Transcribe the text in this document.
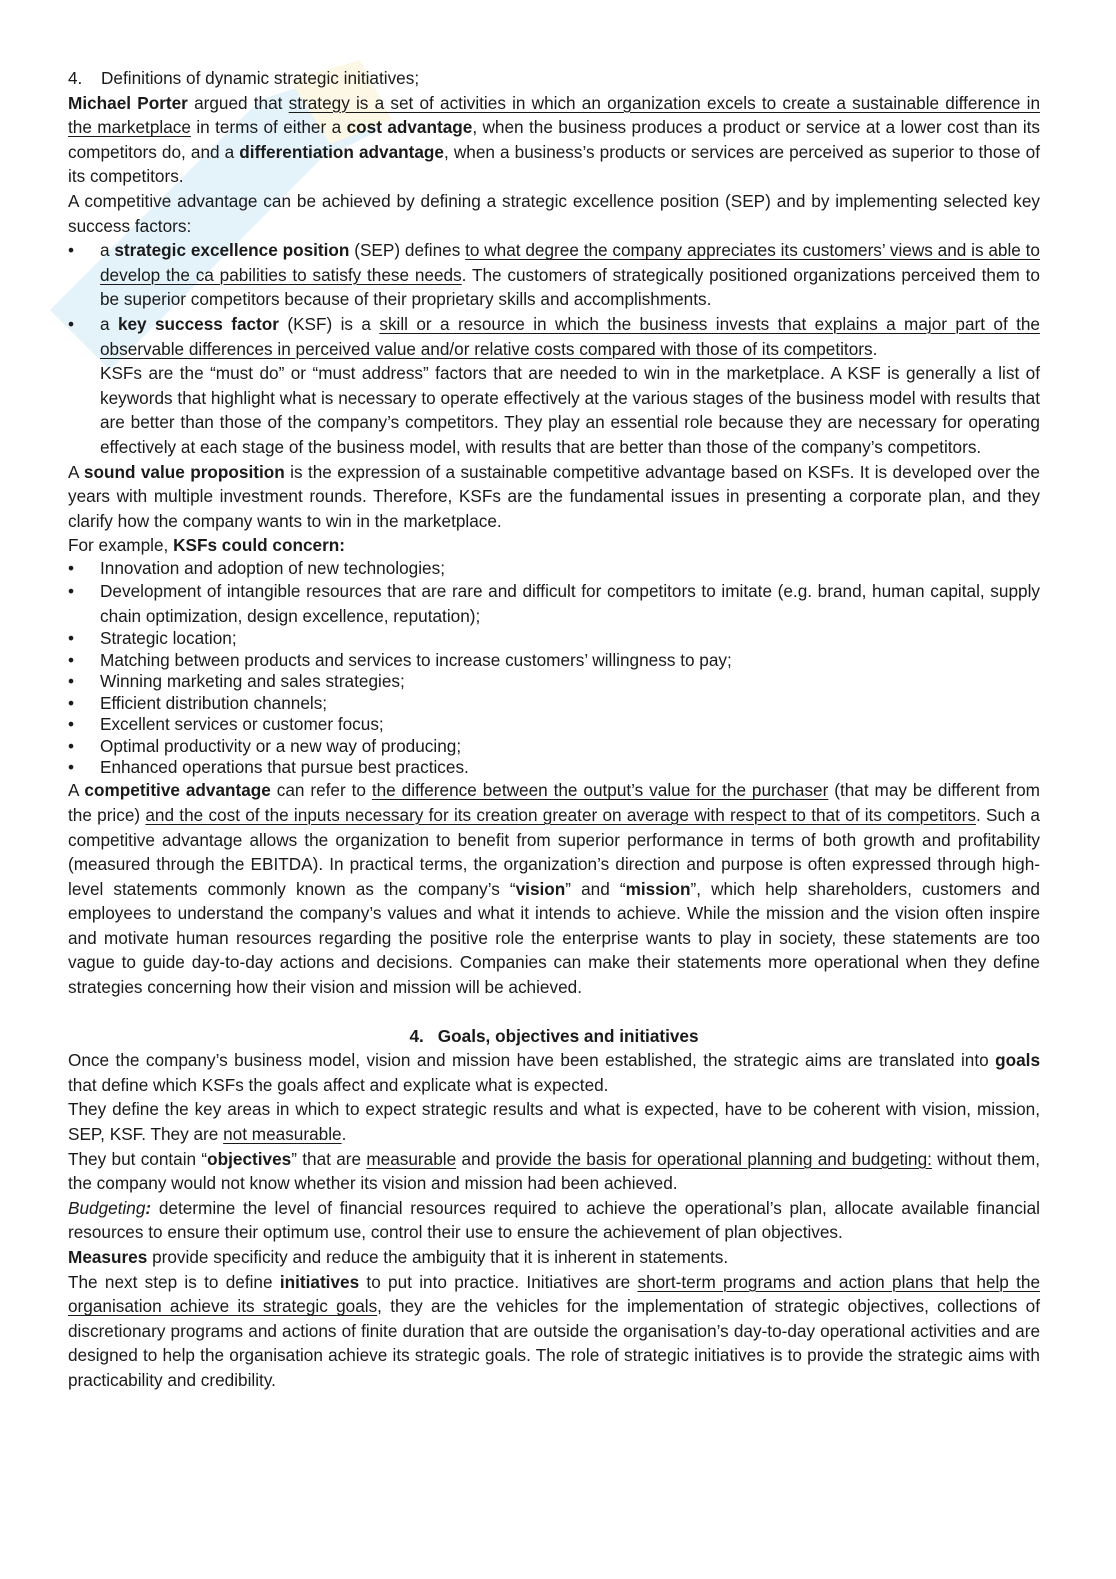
4.	Definitions of dynamic strategic initiatives;

Michael Porter argued that strategy is a set of activities in which an organization excels to create a sustainable difference in the marketplace in terms of either a cost advantage, when the business produces a product or service at a lower cost than its competitors do, and a differentiation advantage, when a business’s products or services are perceived as superior to those of its competitors.

A competitive advantage can be achieved by defining a strategic excellence position (SEP) and by implementing selected key success factors:

• a strategic excellence position (SEP) defines to what degree the company appreciates its customers’ views and is able to develop the ca pabilities to satisfy these needs. The customers of strategically positioned organizations perceived them to be superior competitors because of their proprietary skills and accomplishments.
• a key success factor (KSF) is a skill or a resource in which the business invests that explains a major part of the observable differences in perceived value and/or relative costs compared with those of its competitors.

KSFs are the “must do” or “must address” factors that are needed to win in the marketplace. A KSF is generally a list of keywords that highlight what is necessary to operate effectively at the various stages of the business model with results that are better than those of the company’s competitors. They play an essential role because they are necessary for operating effectively at each stage of the business model, with results that are better than those of the company’s competitors.

A sound value proposition is the expression of a sustainable competitive advantage based on KSFs. It is developed over the years with multiple investment rounds. Therefore, KSFs are the fundamental issues in presenting a corporate plan, and they clarify how the company wants to win in the marketplace.

For example, KSFs could concern:

• Innovation and adoption of new technologies;
• Development of intangible resources that are rare and difficult for competitors to imitate (e.g. brand, human capital, supply chain optimization, design excellence, reputation);
• Strategic location;
• Matching between products and services to increase customers’ willingness to pay;
• Winning marketing and sales strategies;
• Efficient distribution channels;
• Excellent services or customer focus;
• Optimal productivity or a new way of producing;
• Enhanced operations that pursue best practices.

A competitive advantage can refer to the difference between the output’s value for the purchaser (that may be different from the price) and the cost of the inputs necessary for its creation greater on average with respect to that of its competitors. Such a competitive advantage allows the organization to benefit from superior performance in terms of both growth and profitability (measured through the EBITDA). In practical terms, the organization’s direction and purpose is often expressed through high-level statements commonly known as the company’s “vision” and “mission”, which help shareholders, customers and employees to understand the company’s values and what it intends to achieve. While the mission and the vision often inspire and motivate human resources regarding the positive role the enterprise wants to play in society, these statements are too vague to guide day-to-day actions and decisions. Companies can make their statements more operational when they define strategies concerning how their vision and mission will be achieved.

4. Goals, objectives and initiatives

Once the company’s business model, vision and mission have been established, the strategic aims are translated into goals that define which KSFs the goals affect and explicate what is expected.

They define the key areas in which to expect strategic results and what is expected, have to be coherent with vision, mission, SEP, KSF. They are not measurable.

They but contain “objectives” that are measurable and provide the basis for operational planning and budgeting: without them, the company would not know whether its vision and mission had been achieved.

Budgeting: determine the level of financial resources required to achieve the operational’s plan, allocate available financial resources to ensure their optimum use, control their use to ensure the achievement of plan objectives.

Measures provide specificity and reduce the ambiguity that it is inherent in statements.

The next step is to define initiatives to put into practice. Initiatives are short-term programs and action plans that help the organisation achieve its strategic goals, they are the vehicles for the implementation of strategic objectives, collections of discretionary programs and actions of finite duration that are outside the organisation’s day-to-day operational activities and are designed to help the organisation achieve its strategic goals. The role of strategic initiatives is to provide the strategic aims with practicability and credibility.
